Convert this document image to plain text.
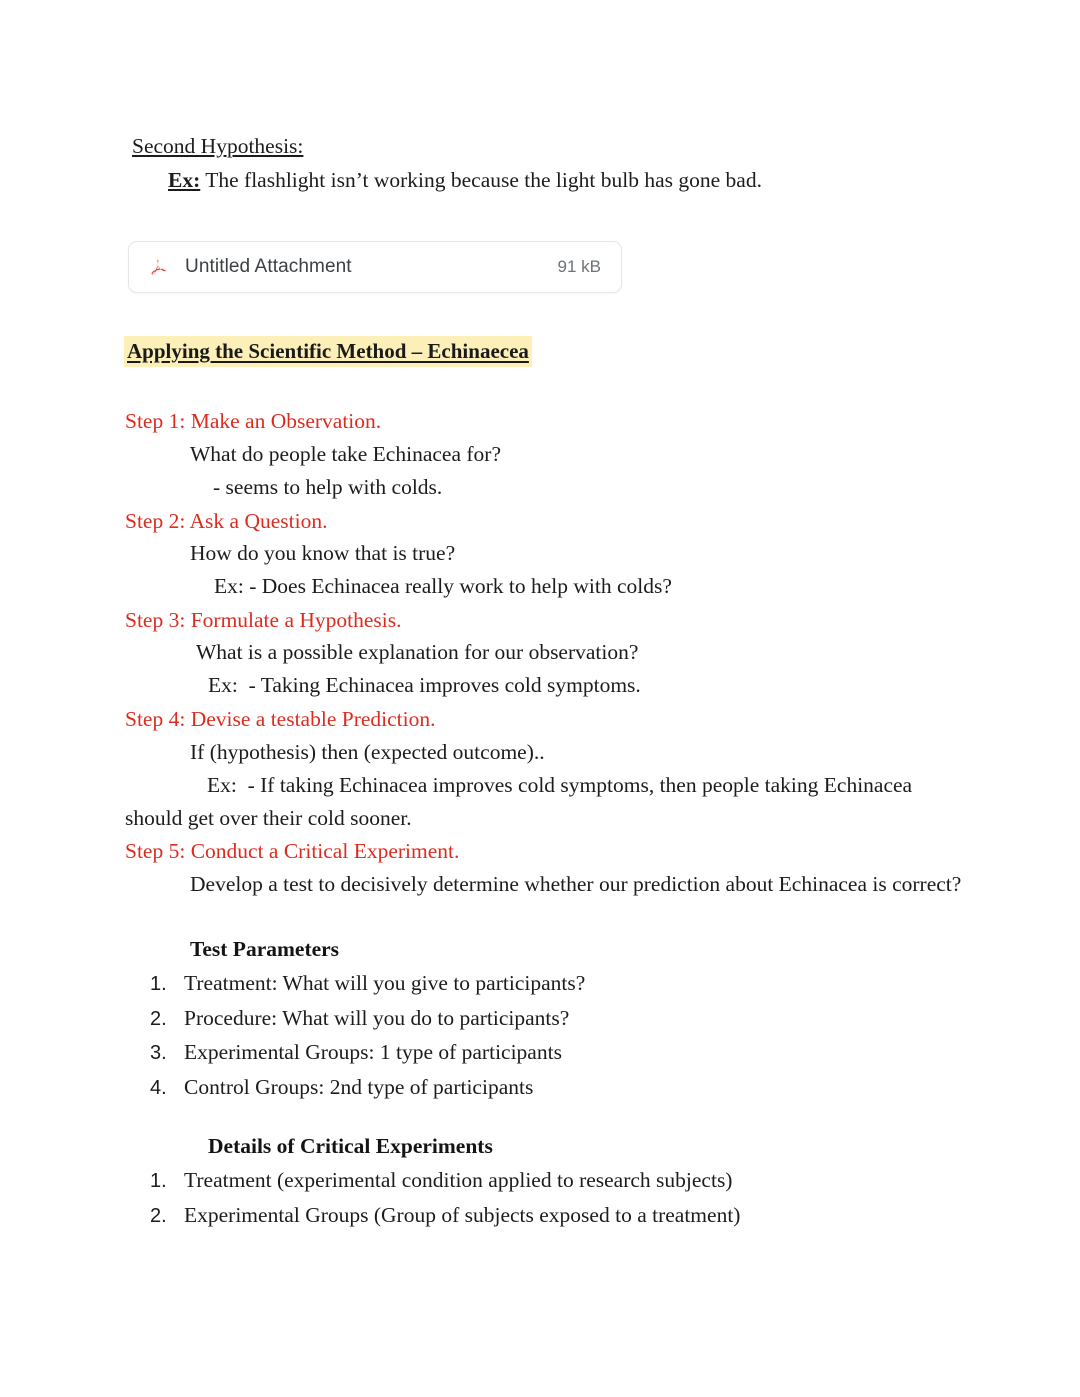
Second Hypothesis:
Ex: The flashlight isn’t working because the light bulb has gone bad.
Untitled Attachment	91 kB
Applying the Scientific Method – Echinaecea
Step 1: Make an Observation.
What do people take Echinacea for?
- seems to help with colds.
Step 2: Ask a Question.
How do you know that is true?
Ex: - Does Echinacea really work to help with colds?
Step 3: Formulate a Hypothesis.
What is a possible explanation for our observation?
Ex:  - Taking Echinacea improves cold symptoms.
Step 4: Devise a testable Prediction.
If (hypothesis) then (expected outcome)..
Ex:  - If taking Echinacea improves cold symptoms, then people taking Echinacea
should get over their cold sooner.
Step 5: Conduct a Critical Experiment.
Develop a test to decisively determine whether our prediction about Echinacea is correct?
Test Parameters
1. Treatment: What will you give to participants?
2. Procedure: What will you do to participants?
3. Experimental Groups: 1 type of participants
4. Control Groups: 2nd type of participants
Details of Critical Experiments
1. Treatment (experimental condition applied to research subjects)
2. Experimental Groups (Group of subjects exposed to a treatment)
